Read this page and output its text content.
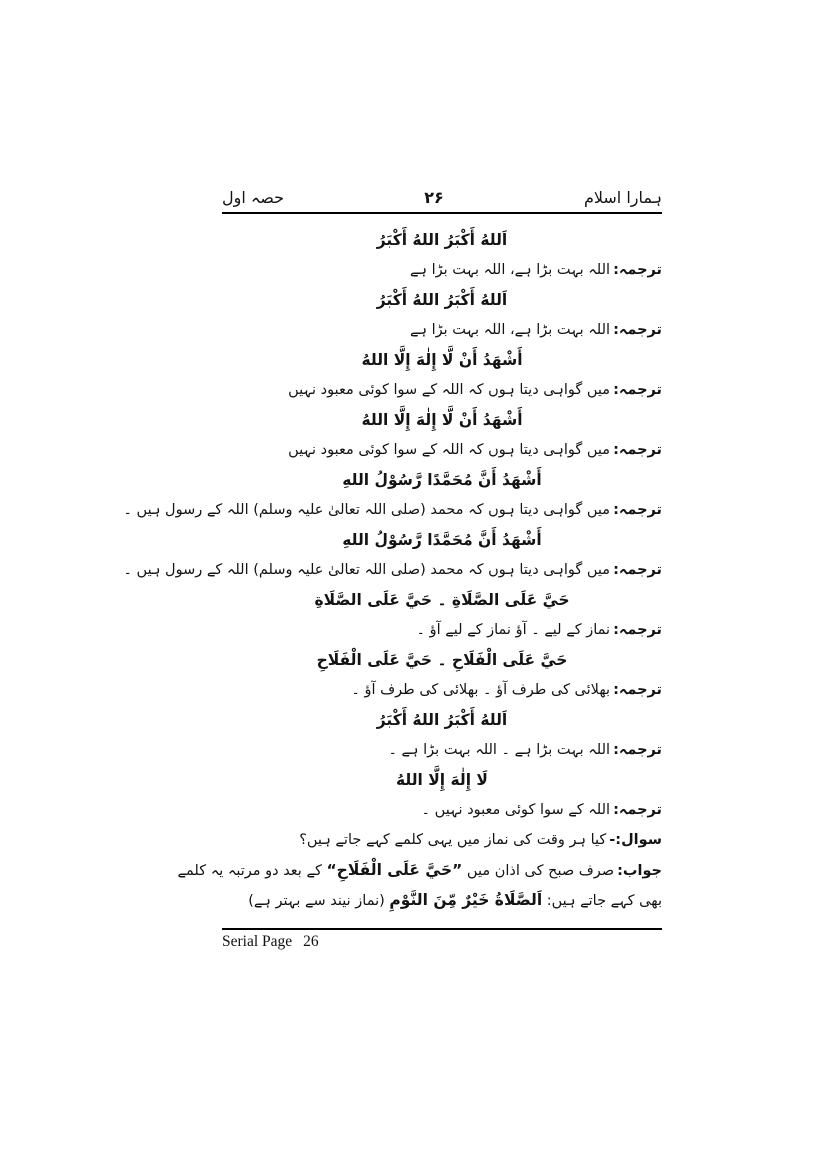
ہمارا اسلام
۲۶
حصہ اول
اَللهُ أَكْبَرُ اللهُ أَكْبَرُ
ترجمہ:اللہ بہت بڑا ہے، اللہ بہت بڑا ہے
اَللهُ أَكْبَرُ اللهُ أَكْبَرُ
ترجمہ:اللہ بہت بڑا ہے، اللہ بہت بڑا ہے
أَشْهَدُ أَنْ لَّا إِلٰهَ إِلَّا اللهُ
ترجمہ:میں گواہی دیتا ہوں کہ اللہ کے سوا کوئی معبود نہیں
أَشْهَدُ أَنْ لَّا إِلٰهَ إِلَّا اللهُ
ترجمہ:میں گواہی دیتا ہوں کہ اللہ کے سوا کوئی معبود نہیں
أَشْهَدُ أَنَّ مُحَمَّدًا رَّسُوْلُ اللهِ
ترجمہ:میں گواہی دیتا ہوں کہ محمد (صلی اللہ تعالیٰ علیہ وسلم) اللہ کے رسول ہیں ۔
أَشْهَدُ أَنَّ مُحَمَّدًا رَّسُوْلُ اللهِ
ترجمہ:میں گواہی دیتا ہوں کہ محمد (صلی اللہ تعالیٰ علیہ وسلم) اللہ کے رسول ہیں ۔
حَيَّ عَلَى الصَّلَاةِ ۔ حَيَّ عَلَى الصَّلَاةِ
ترجمہ:نماز کے لیے ۔ آؤ نماز کے لیے آؤ ۔
حَيَّ عَلَى الْفَلَاحِ ۔ حَيَّ عَلَى الْفَلَاحِ
ترجمہ:بھلائی کی طرف آؤ ۔ بھلائی کی طرف آؤ ۔
اَللهُ أَكْبَرُ اللهُ أَكْبَرُ
ترجمہ:اللہ بہت بڑا ہے ۔ اللہ بہت بڑا ہے ۔
لَا إِلٰهَ إِلَّا اللهُ
ترجمہ:اللہ کے سوا کوئی معبود نہیں ۔
سوال:-کیا ہر وقت کی نماز میں یہی کلمے کہے جاتے ہیں؟
جواب:صرف صبح کی اذان میں ”حَيَّ عَلَى الْفَلَاحِ“ کے بعد دو مرتبہ یہ کلمے
بھی کہے جاتے ہیں: اَلصَّلَاةُ خَيْرٌ مِّنَ النَّوْمِ (نماز نیند سے بہتر ہے)
Serial Page 26
